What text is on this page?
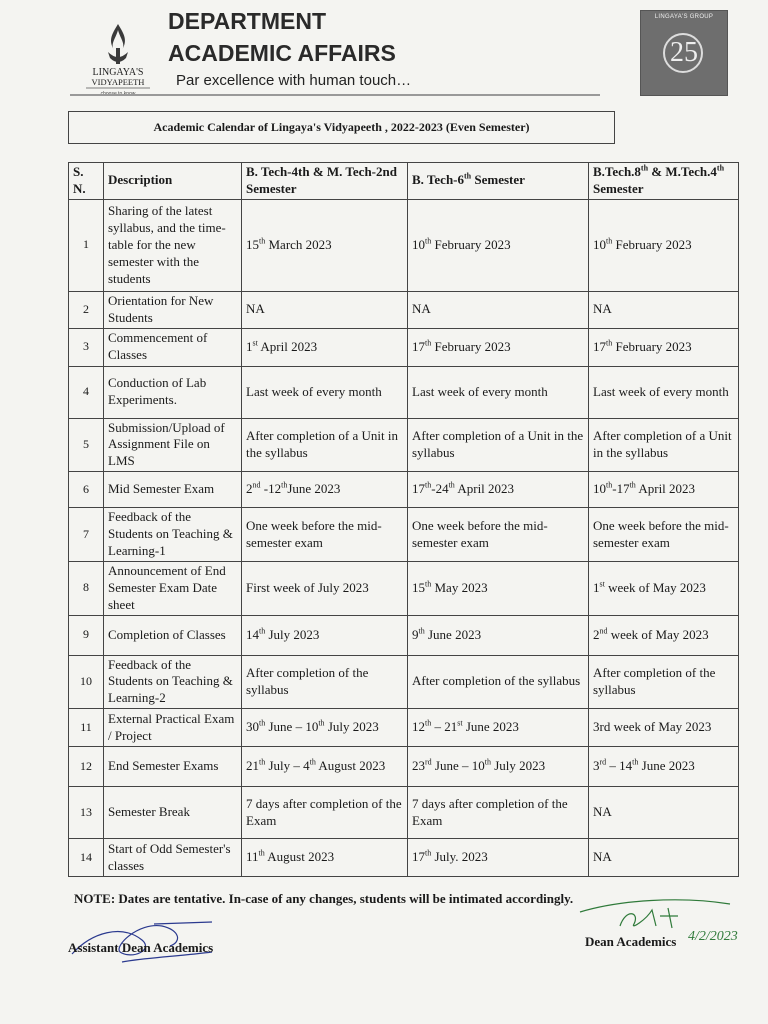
LINGAYA'S
VIDYAPEETH
DEPARTMENT
ACADEMIC AFFAIRS
Par excellence with human touch…
LINGAYA'S GROUP
25
Academic Calendar of Lingaya's Vidyapeeth , 2022-2023 (Even Semester)
S. N.	Description	B. Tech-4th & M. Tech-2nd Semester	B. Tech-6th Semester	B.Tech.8th & M.Tech.4th Semester
1	Sharing of the latest syllabus, and the time-table for the new semester with the students	15th March 2023	10th February 2023	10th February 2023
2	Orientation for New Students	NA	NA	NA
3	Commencement of Classes	1st April 2023	17th February 2023	17th February 2023
4	Conduction of Lab Experiments.	Last week of every month	Last week of every month	Last week of every month
5	Submission/Upload of Assignment File on LMS	After completion of a Unit in the syllabus	After completion of a Unit in the syllabus	After completion of a Unit in the syllabus
6	Mid Semester Exam	2nd -12thJune 2023	17th-24th April 2023	10th-17th April 2023
7	Feedback of the Students on Teaching & Learning-1	One week before the mid-semester exam	One week before the mid-semester exam	One week before the mid-semester exam
8	Announcement of End Semester Exam Date sheet	First week of July 2023	15th May 2023	1st week of May 2023
9	Completion of Classes	14th July 2023	9th June 2023	2nd week of May 2023
10	Feedback of the Students on Teaching & Learning-2	After completion of the syllabus	After completion of the syllabus	After completion of the syllabus
11	External Practical Exam / Project	30th June – 10th July 2023	12th – 21st June 2023	3rd week of May 2023
12	End Semester Exams	21th July – 4th August 2023	23rd June – 10th July 2023	3rd – 14th June 2023
13	Semester Break	7 days after completion of the Exam	7 days after completion of the Exam	NA
14	Start of Odd Semester's classes	11th August 2023	17th July. 2023	NA
NOTE: Dates are tentative. In-case of any changes, students will be intimated accordingly.
Assistant Dean Academics
4/2/2023
Dean Academics
